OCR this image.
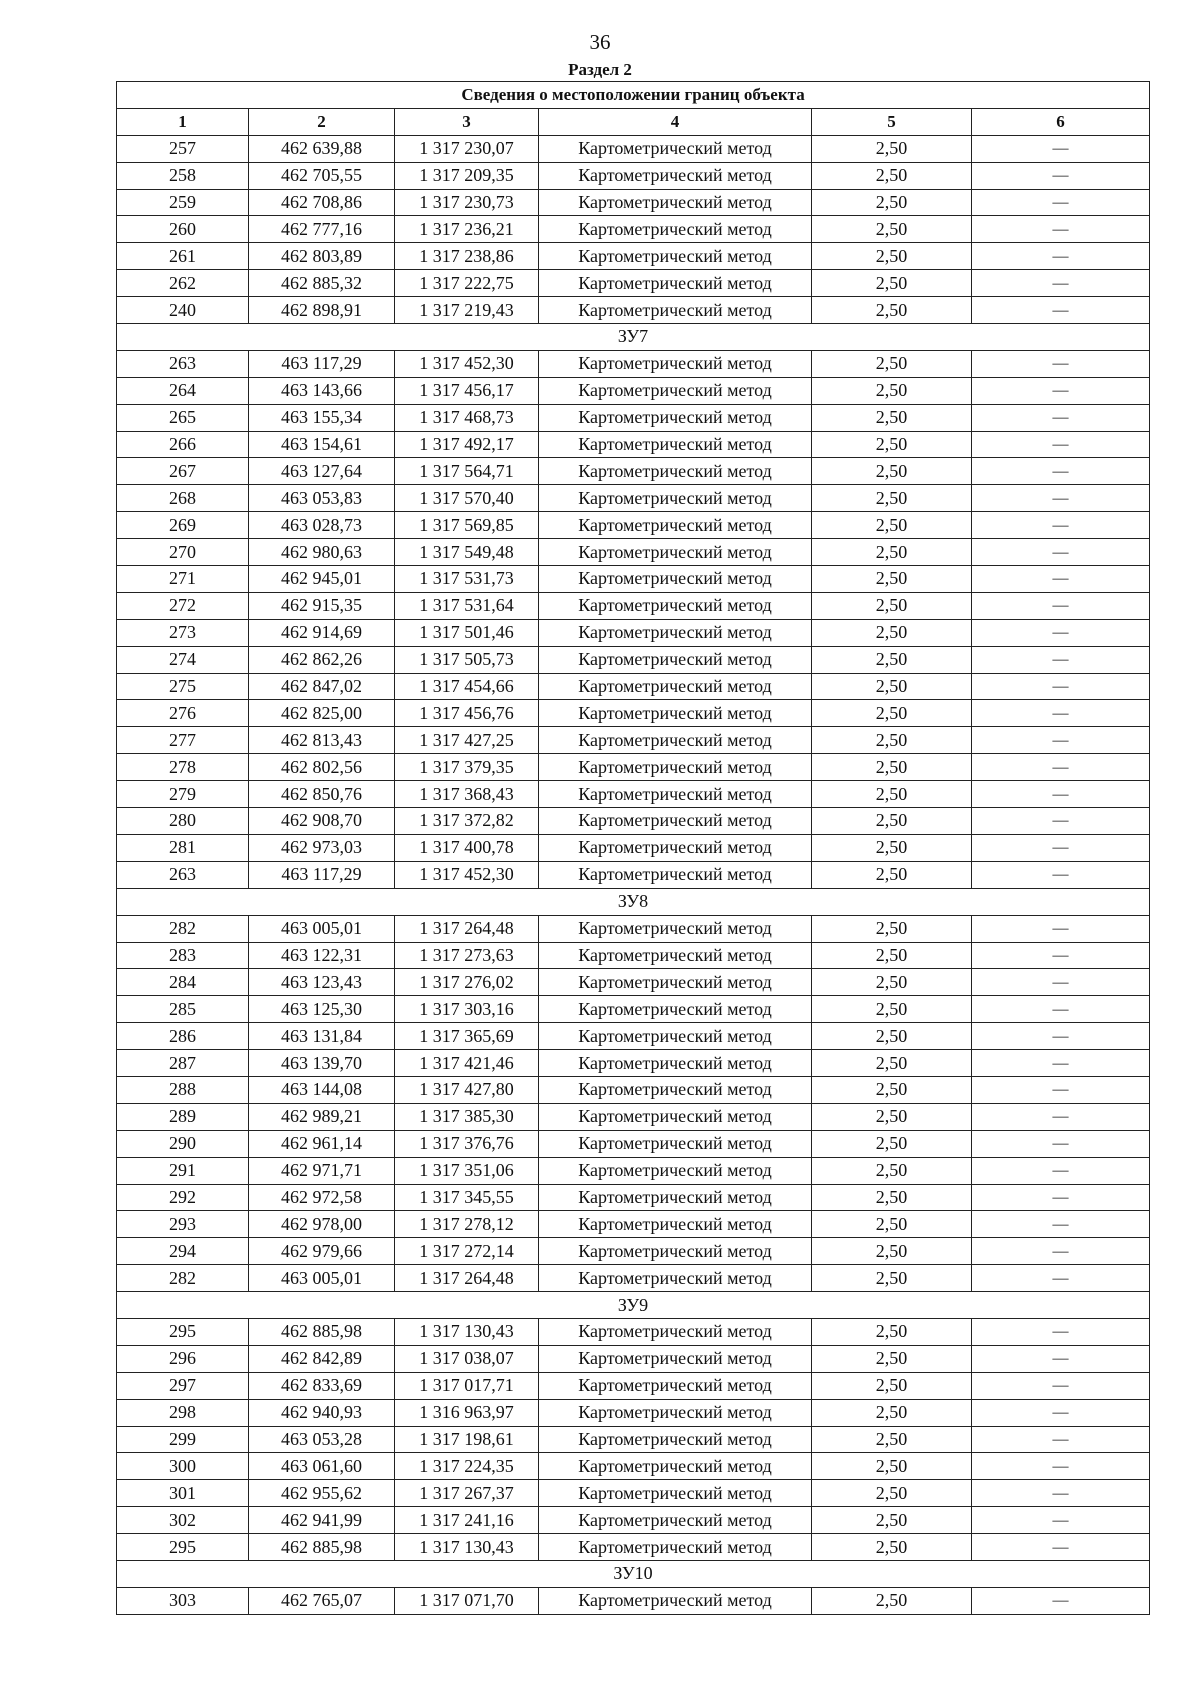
36
Раздел 2
Сведения о местоположении границ объекта					
1	2	3	4	5	6
257	462 639,88	1 317 230,07	Картометрический метод	2,50	—
258	462 705,55	1 317 209,35	Картометрический метод	2,50	—
259	462 708,86	1 317 230,73	Картометрический метод	2,50	—
260	462 777,16	1 317 236,21	Картометрический метод	2,50	—
261	462 803,89	1 317 238,86	Картометрический метод	2,50	—
262	462 885,32	1 317 222,75	Картометрический метод	2,50	—
240	462 898,91	1 317 219,43	Картометрический метод	2,50	—
ЗУ7					
263	463 117,29	1 317 452,30	Картометрический метод	2,50	—
264	463 143,66	1 317 456,17	Картометрический метод	2,50	—
265	463 155,34	1 317 468,73	Картометрический метод	2,50	—
266	463 154,61	1 317 492,17	Картометрический метод	2,50	—
267	463 127,64	1 317 564,71	Картометрический метод	2,50	—
268	463 053,83	1 317 570,40	Картометрический метод	2,50	—
269	463 028,73	1 317 569,85	Картометрический метод	2,50	—
270	462 980,63	1 317 549,48	Картометрический метод	2,50	—
271	462 945,01	1 317 531,73	Картометрический метод	2,50	—
272	462 915,35	1 317 531,64	Картометрический метод	2,50	—
273	462 914,69	1 317 501,46	Картометрический метод	2,50	—
274	462 862,26	1 317 505,73	Картометрический метод	2,50	—
275	462 847,02	1 317 454,66	Картометрический метод	2,50	—
276	462 825,00	1 317 456,76	Картометрический метод	2,50	—
277	462 813,43	1 317 427,25	Картометрический метод	2,50	—
278	462 802,56	1 317 379,35	Картометрический метод	2,50	—
279	462 850,76	1 317 368,43	Картометрический метод	2,50	—
280	462 908,70	1 317 372,82	Картометрический метод	2,50	—
281	462 973,03	1 317 400,78	Картометрический метод	2,50	—
263	463 117,29	1 317 452,30	Картометрический метод	2,50	—
ЗУ8					
282	463 005,01	1 317 264,48	Картометрический метод	2,50	—
283	463 122,31	1 317 273,63	Картометрический метод	2,50	—
284	463 123,43	1 317 276,02	Картометрический метод	2,50	—
285	463 125,30	1 317 303,16	Картометрический метод	2,50	—
286	463 131,84	1 317 365,69	Картометрический метод	2,50	—
287	463 139,70	1 317 421,46	Картометрический метод	2,50	—
288	463 144,08	1 317 427,80	Картометрический метод	2,50	—
289	462 989,21	1 317 385,30	Картометрический метод	2,50	—
290	462 961,14	1 317 376,76	Картометрический метод	2,50	—
291	462 971,71	1 317 351,06	Картометрический метод	2,50	—
292	462 972,58	1 317 345,55	Картометрический метод	2,50	—
293	462 978,00	1 317 278,12	Картометрический метод	2,50	—
294	462 979,66	1 317 272,14	Картометрический метод	2,50	—
282	463 005,01	1 317 264,48	Картометрический метод	2,50	—
ЗУ9					
295	462 885,98	1 317 130,43	Картометрический метод	2,50	—
296	462 842,89	1 317 038,07	Картометрический метод	2,50	—
297	462 833,69	1 317 017,71	Картометрический метод	2,50	—
298	462 940,93	1 316 963,97	Картометрический метод	2,50	—
299	463 053,28	1 317 198,61	Картометрический метод	2,50	—
300	463 061,60	1 317 224,35	Картометрический метод	2,50	—
301	462 955,62	1 317 267,37	Картометрический метод	2,50	—
302	462 941,99	1 317 241,16	Картометрический метод	2,50	—
295	462 885,98	1 317 130,43	Картометрический метод	2,50	—
ЗУ10					
303	462 765,07	1 317 071,70	Картометрический метод	2,50	—
